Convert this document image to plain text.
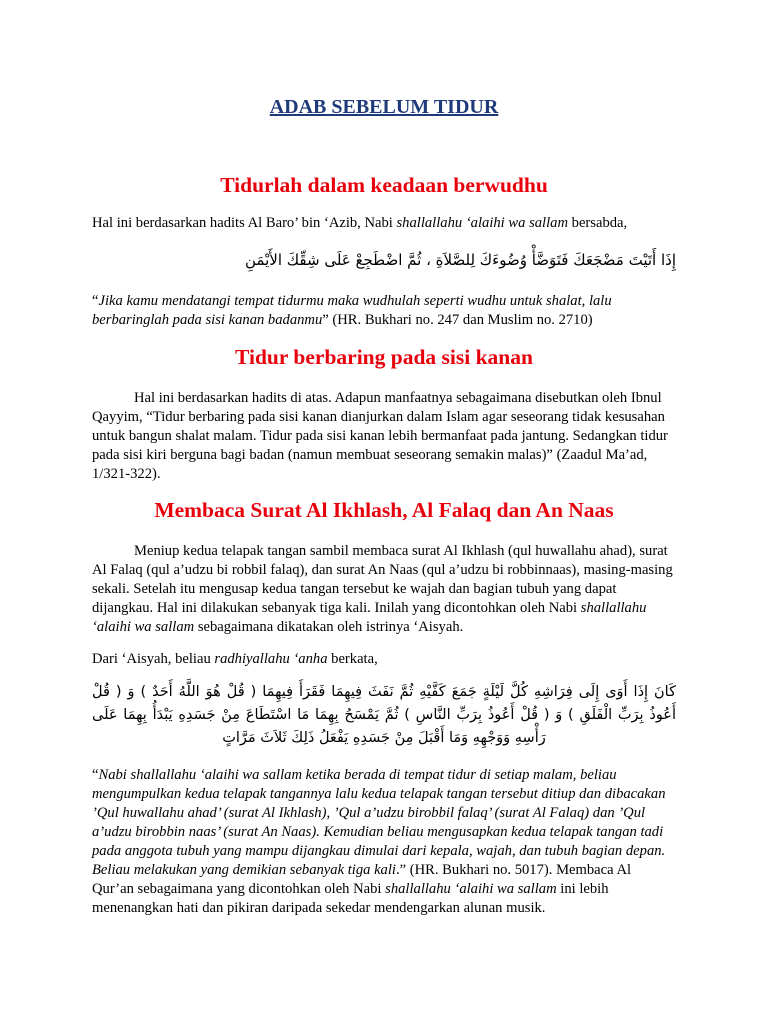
ADAB SEBELUM TIDUR
Tidurlah dalam keadaan berwudhu

Hal ini berdasarkan hadits Al Baro’ bin ‘Azib, Nabi shallallahu ‘alaihi wa sallam bersabda,

إِذَا أَتَيْتَ مَضْجَعَكَ فَتَوَضَّأْ وُضُوءَكَ لِلصَّلاَةِ ، ثُمَّ اضْطَجِعْ عَلَى شِقِّكَ الأَيْمَنِ

“Jika kamu mendatangi tempat tidurmu maka wudhulah seperti wudhu untuk shalat, lalu berbaringlah pada sisi kanan badanmu” (HR. Bukhari no. 247 dan Muslim no. 2710)

Tidur berbaring pada sisi kanan

Hal ini berdasarkan hadits di atas. Adapun manfaatnya sebagaimana disebutkan oleh Ibnul Qayyim, “Tidur berbaring pada sisi kanan dianjurkan dalam Islam agar seseorang tidak kesusahan untuk bangun shalat malam. Tidur pada sisi kanan lebih bermanfaat pada jantung. Sedangkan tidur pada sisi kiri berguna bagi badan (namun membuat seseorang semakin malas)” (Zaadul Ma’ad, 1/321-322).

Membaca Surat Al Ikhlash, Al Falaq dan An Naas

Meniup kedua telapak tangan sambil membaca surat Al Ikhlash (qul huwallahu ahad), surat Al Falaq (qul a’udzu bi robbil falaq), dan surat An Naas (qul a’udzu bi robbinnaas), masing-masing sekali. Setelah itu mengusap kedua tangan tersebut ke wajah dan bagian tubuh yang dapat dijangkau. Hal ini dilakukan sebanyak tiga kali. Inilah yang dicontohkan oleh Nabi shallallahu ‘alaihi wa sallam sebagaimana dikatakan oleh istrinya ‘Aisyah.

Dari ‘Aisyah, beliau radhiyallahu ‘anha berkata,

كَانَ إِذَا أَوَى إِلَى فِرَاشِهِ كُلَّ لَيْلَةٍ جَمَعَ كَفَّيْهِ ثُمَّ نَفَثَ فِيهِمَا فَقَرَأَ فِيهِمَا ( قُلْ هُوَ اللَّهُ أَحَدٌ ) وَ ( قُلْ أَعُوذُ بِرَبِّ الْفَلَقِ ) وَ ( قُلْ أَعُوذُ بِرَبِّ النَّاسِ ) ثُمَّ يَمْسَحُ بِهِمَا مَا اسْتَطَاعَ مِنْ جَسَدِهِ يَبْدَأُ بِهِمَا عَلَى رَأْسِهِ وَوَجْهِهِ وَمَا أَقْبَلَ مِنْ جَسَدِهِ يَفْعَلُ ذَلِكَ ثَلاَثَ مَرَّاتٍ

“Nabi shallallahu ‘alaihi wa sallam ketika berada di tempat tidur di setiap malam, beliau mengumpulkan kedua telapak tangannya lalu kedua telapak tangan tersebut ditiup dan dibacakan ’Qul huwallahu ahad’ (surat Al Ikhlash), ’Qul a’udzu birobbil falaq’ (surat Al Falaq) dan ’Qul a’udzu birobbin naas’ (surat An Naas). Kemudian beliau mengusapkan kedua telapak tangan tadi pada anggota tubuh yang mampu dijangkau dimulai dari kepala, wajah, dan tubuh bagian depan. Beliau melakukan yang demikian sebanyak tiga kali.” (HR. Bukhari no. 5017). Membaca Al Qur’an sebagaimana yang dicontohkan oleh Nabi shallallahu ‘alaihi wa sallam ini lebih menenangkan hati dan pikiran daripada sekedar mendengarkan alunan musik.
